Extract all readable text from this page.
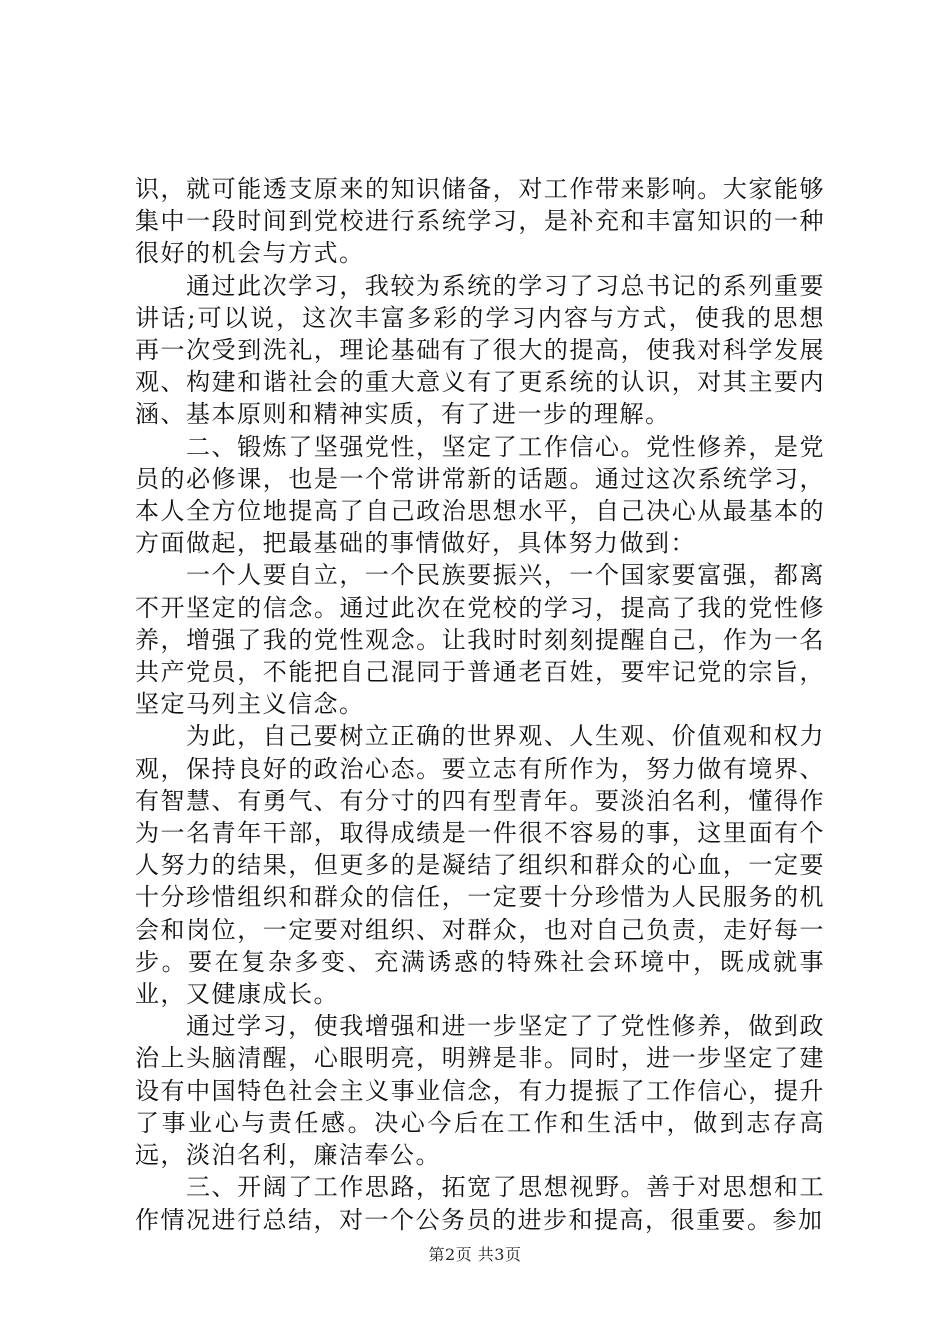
识，就可能透支原来的知识储备，对工作带来影响。大家能够集中一段时间到党校进行系统学习，是补充和丰富知识的一种很好的机会与方式。

通过此次学习，我较为系统的学习了习总书记的系列重要讲话;可以说，这次丰富多彩的学习内容与方式，使我的思想再一次受到洗礼，理论基础有了很大的提高，使我对科学发展观、构建和谐社会的重大意义有了更系统的认识，对其主要内涵、基本原则和精神实质，有了进一步的理解。

二、锻炼了坚强党性，坚定了工作信心。党性修养，是党员的必修课，也是一个常讲常新的话题。通过这次系统学习，本人全方位地提高了自己政治思想水平，自己决心从最基本的方面做起，把最基础的事情做好，具体努力做到：

一个人要自立，一个民族要振兴，一个国家要富强，都离不开坚定的信念。通过此次在党校的学习，提高了我的党性修养，增强了我的党性观念。让我时时刻刻提醒自己，作为一名共产党员，不能把自己混同于普通老百姓，要牢记党的宗旨，坚定马列主义信念。

为此，自己要树立正确的世界观、人生观、价值观和权力观，保持良好的政治心态。要立志有所作为，努力做有境界、有智慧、有勇气、有分寸的四有型青年。要淡泊名利，懂得作为一名青年干部，取得成绩是一件很不容易的事，这里面有个人努力的结果，但更多的是凝结了组织和群众的心血，一定要十分珍惜组织和群众的信任，一定要十分珍惜为人民服务的机会和岗位，一定要对组织、对群众，也对自己负责，走好每一步。要在复杂多变、充满诱惑的特殊社会环境中，既成就事业，又健康成长。

通过学习，使我增强和进一步坚定了了党性修养，做到政治上头脑清醒，心眼明亮，明辨是非。同时，进一步坚定了建设有中国特色社会主义事业信念，有力提振了工作信心，提升了事业心与责任感。决心今后在工作和生活中，做到志存高远，淡泊名利，廉洁奉公。

三、开阔了工作思路，拓宽了思想视野。善于对思想和工作情况进行总结，对一个公务员的进步和提高，很重要。参加

第2页 共3页
